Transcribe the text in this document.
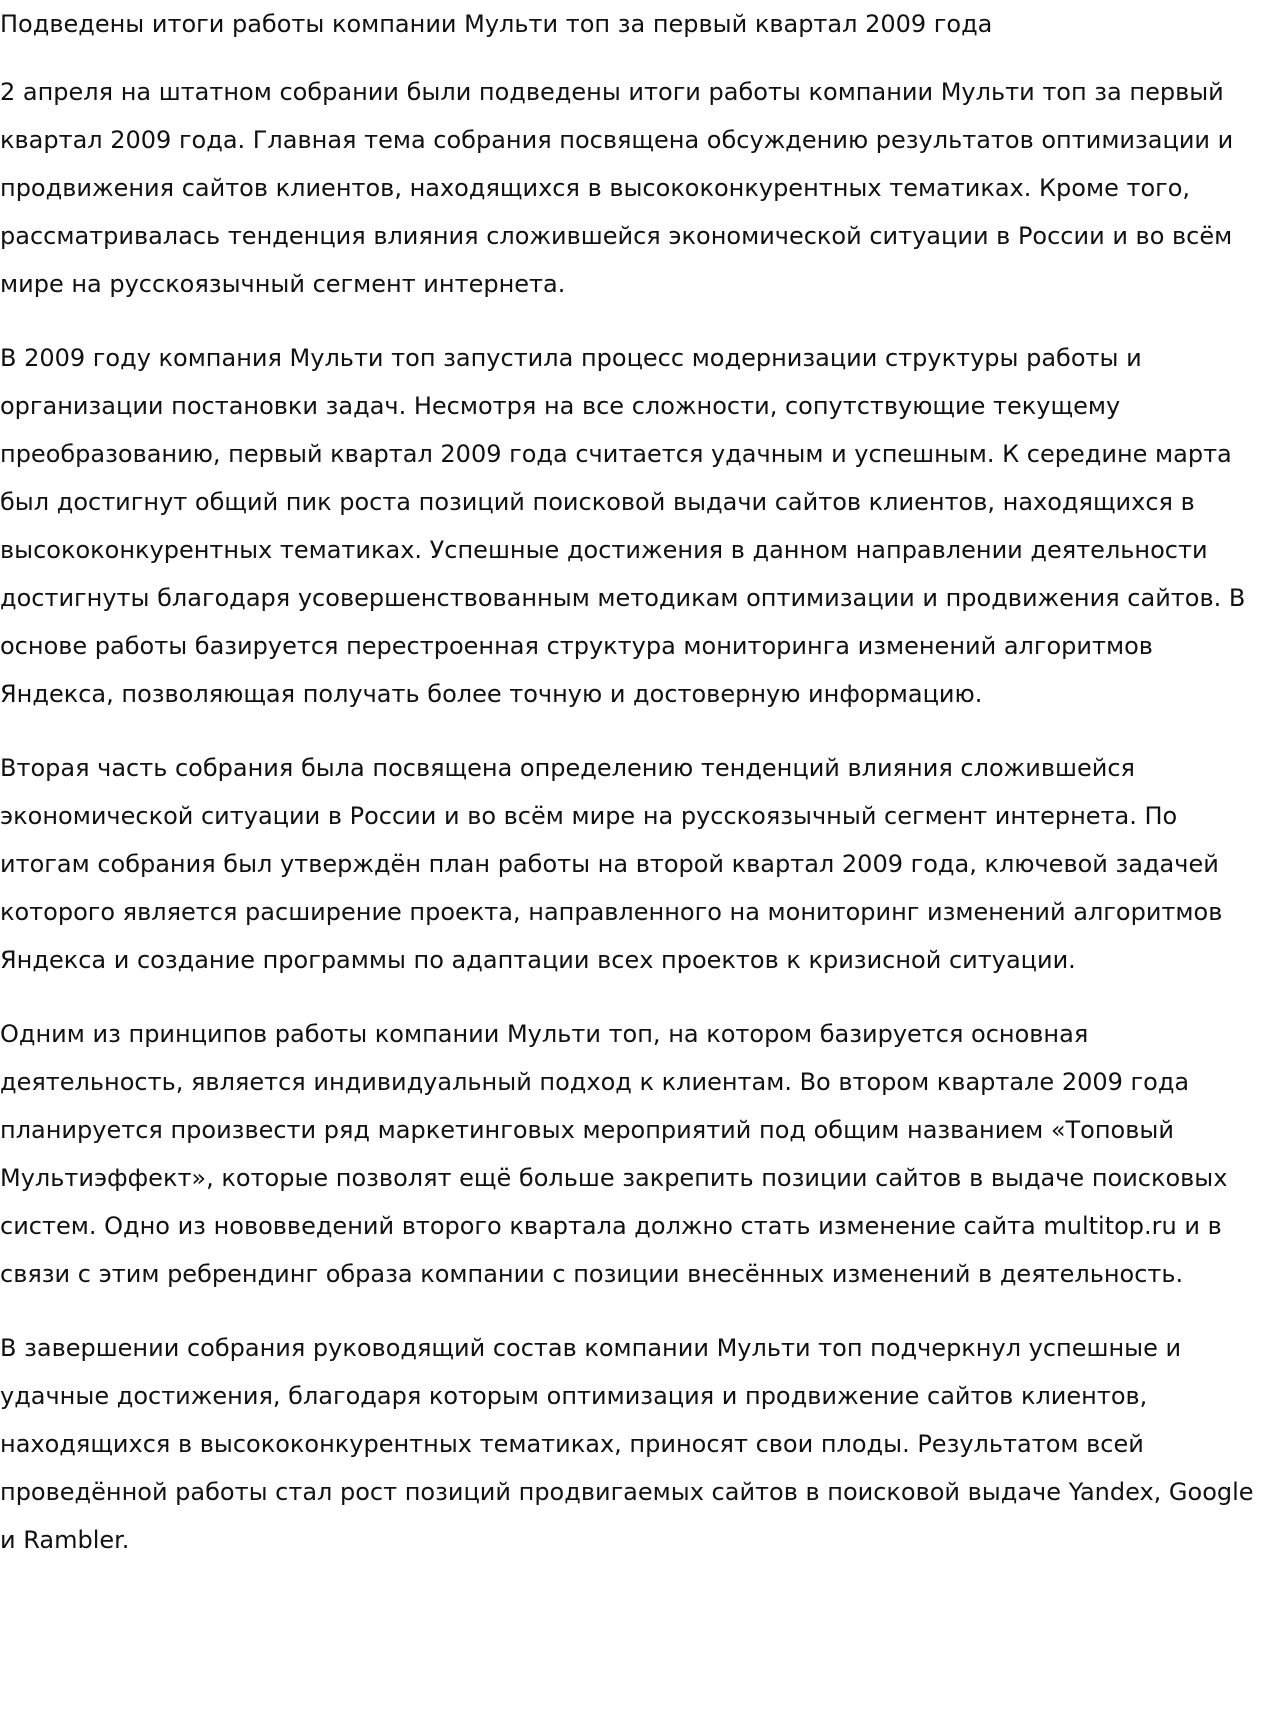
Подведены итоги работы компании Мульти топ за первый квартал 2009 года

2 апреля на штатном собрании были подведены итоги работы компании Мульти топ за первый квартал 2009 года. Главная тема собрания посвящена обсуждению результатов оптимизации и продвижения сайтов клиентов, находящихся в высококонкурентных тематиках. Кроме того, рассматривалась тенденция влияния сложившейся экономической ситуации в России и во всём мире на русскоязычный сегмент интернета.

В 2009 году компания Мульти топ запустила процесс модернизации структуры работы и организации постановки задач. Несмотря на все сложности, сопутствующие текущему преобразованию, первый квартал 2009 года считается удачным и успешным. К середине марта был достигнут общий пик роста позиций поисковой выдачи сайтов клиентов, находящихся в высококонкурентных тематиках. Успешные достижения в данном направлении деятельности достигнуты благодаря усовершенствованным методикам оптимизации и продвижения сайтов. В основе работы базируется перестроенная структура мониторинга изменений алгоритмов Яндекса, позволяющая получать более точную и достоверную информацию.

Вторая часть собрания была посвящена определению тенденций влияния сложившейся экономической ситуации в России и во всём мире на русскоязычный сегмент интернета. По итогам собрания был утверждён план работы на второй квартал 2009 года, ключевой задачей которого является расширение проекта, направленного на мониторинг изменений алгоритмов Яндекса и создание программы по адаптации всех проектов к кризисной ситуации.

Одним из принципов работы компании Мульти топ, на котором базируется основная деятельность, является индивидуальный подход к клиентам. Во втором квартале 2009 года планируется произвести ряд маркетинговых мероприятий под общим названием «Топовый Мультиэффект», которые позволят ещё больше закрепить позиции сайтов в выдаче поисковых систем. Одно из нововведений второго квартала должно стать изменение сайта multitop.ru и в связи с этим ребрендинг образа компании с позиции внесённых изменений в деятельность.

В завершении собрания руководящий состав компании Мульти топ подчеркнул успешные и удачные достижения, благодаря которым оптимизация и продвижение сайтов клиентов, находящихся в высококонкурентных тематиках, приносят свои плоды. Результатом всей проведённой работы стал рост позиций продвигаемых сайтов в поисковой выдаче Yandex, Google и Rambler.
